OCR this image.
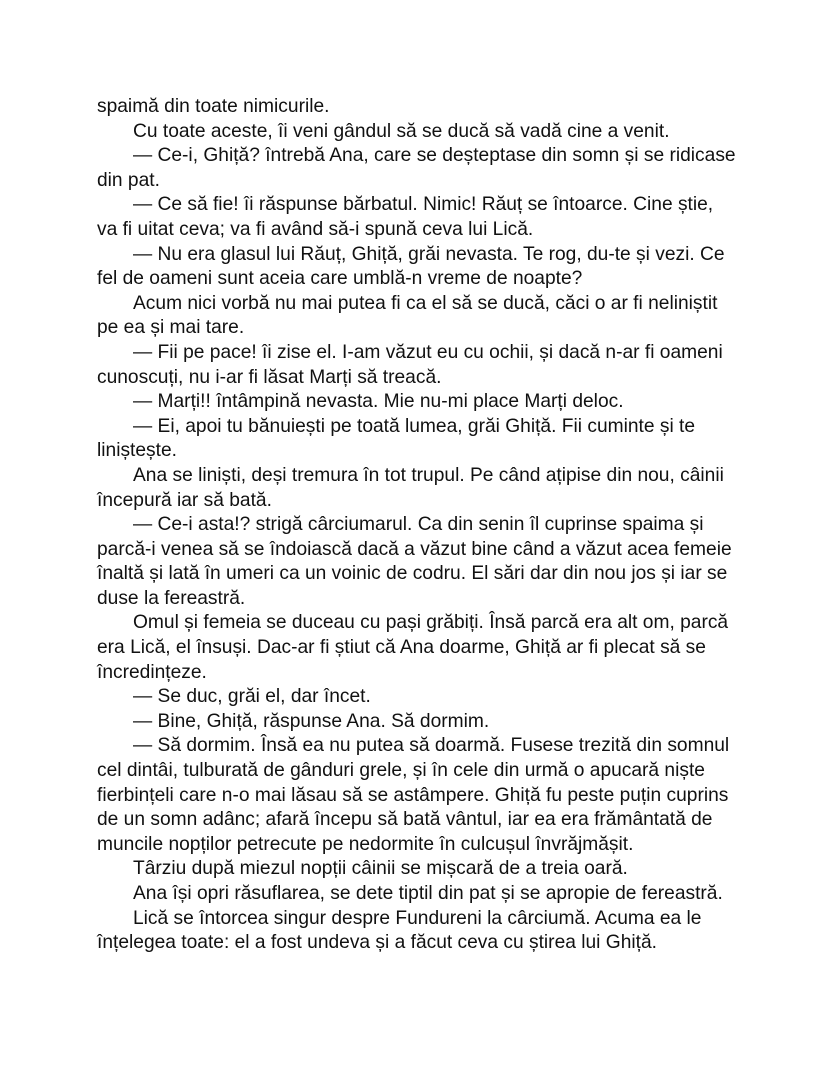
spaimă din toate nimicurile.

Cu toate aceste, îi veni gândul să se ducă să vadă cine a venit.

— Ce-i, Ghiță? întrebă Ana, care se deșteptase din somn și se ridicase din pat.

— Ce să fie! îi răspunse bărbatul. Nimic! Răuț se întoarce. Cine știe, va fi uitat ceva; va fi având să-i spună ceva lui Lică.

— Nu era glasul lui Răuț, Ghiță, grăi nevasta. Te rog, du-te și vezi. Ce fel de oameni sunt aceia care umblă-n vreme de noapte?

Acum nici vorbă nu mai putea fi ca el să se ducă, căci o ar fi neliniștit pe ea și mai tare.

— Fii pe pace! îi zise el. I-am văzut eu cu ochii, și dacă n-ar fi oameni cunoscuți, nu i-ar fi lăsat Marți să treacă.

— Marți!! întâmpină nevasta. Mie nu-mi place Marți deloc.

— Ei, apoi tu bănuiești pe toată lumea, grăi Ghiță. Fii cuminte și te liniștește.

Ana se liniști, deși tremura în tot trupul. Pe când ațipise din nou, câinii începură iar să bată.

— Ce-i asta!? strigă cârciumarul. Ca din senin îl cuprinse spaima și parcă-i venea să se îndoiască dacă a văzut bine când a văzut acea femeie înaltă și lată în umeri ca un voinic de codru. El sări dar din nou jos și iar se duse la fereastră.

Omul și femeia se duceau cu pași grăbiți. Însă parcă era alt om, parcă era Lică, el însuși. Dac-ar fi știut că Ana doarme, Ghiță ar fi plecat să se încredințeze.

— Se duc, grăi el, dar încet.

— Bine, Ghiță, răspunse Ana. Să dormim.

— Să dormim. Însă ea nu putea să doarmă. Fusese trezită din somnul cel dintâi, tulburată de gânduri grele, și în cele din urmă o apucară niște fierbințeli care n-o mai lăsau să se astâmpere. Ghiță fu peste puțin cuprins de un somn adânc; afară începu să bată vântul, iar ea era frământată de muncile nopților petrecute pe nedormite în culcușul învrăjmășit.

Târziu după miezul nopții câinii se mișcară de a treia oară.

Ana își opri răsuflarea, se dete tiptil din pat și se apropie de fereastră.

Lică se întorcea singur despre Fundureni la cârciumă. Acuma ea le înțelegea toate: el a fost undeva și a făcut ceva cu știrea lui Ghiță.
